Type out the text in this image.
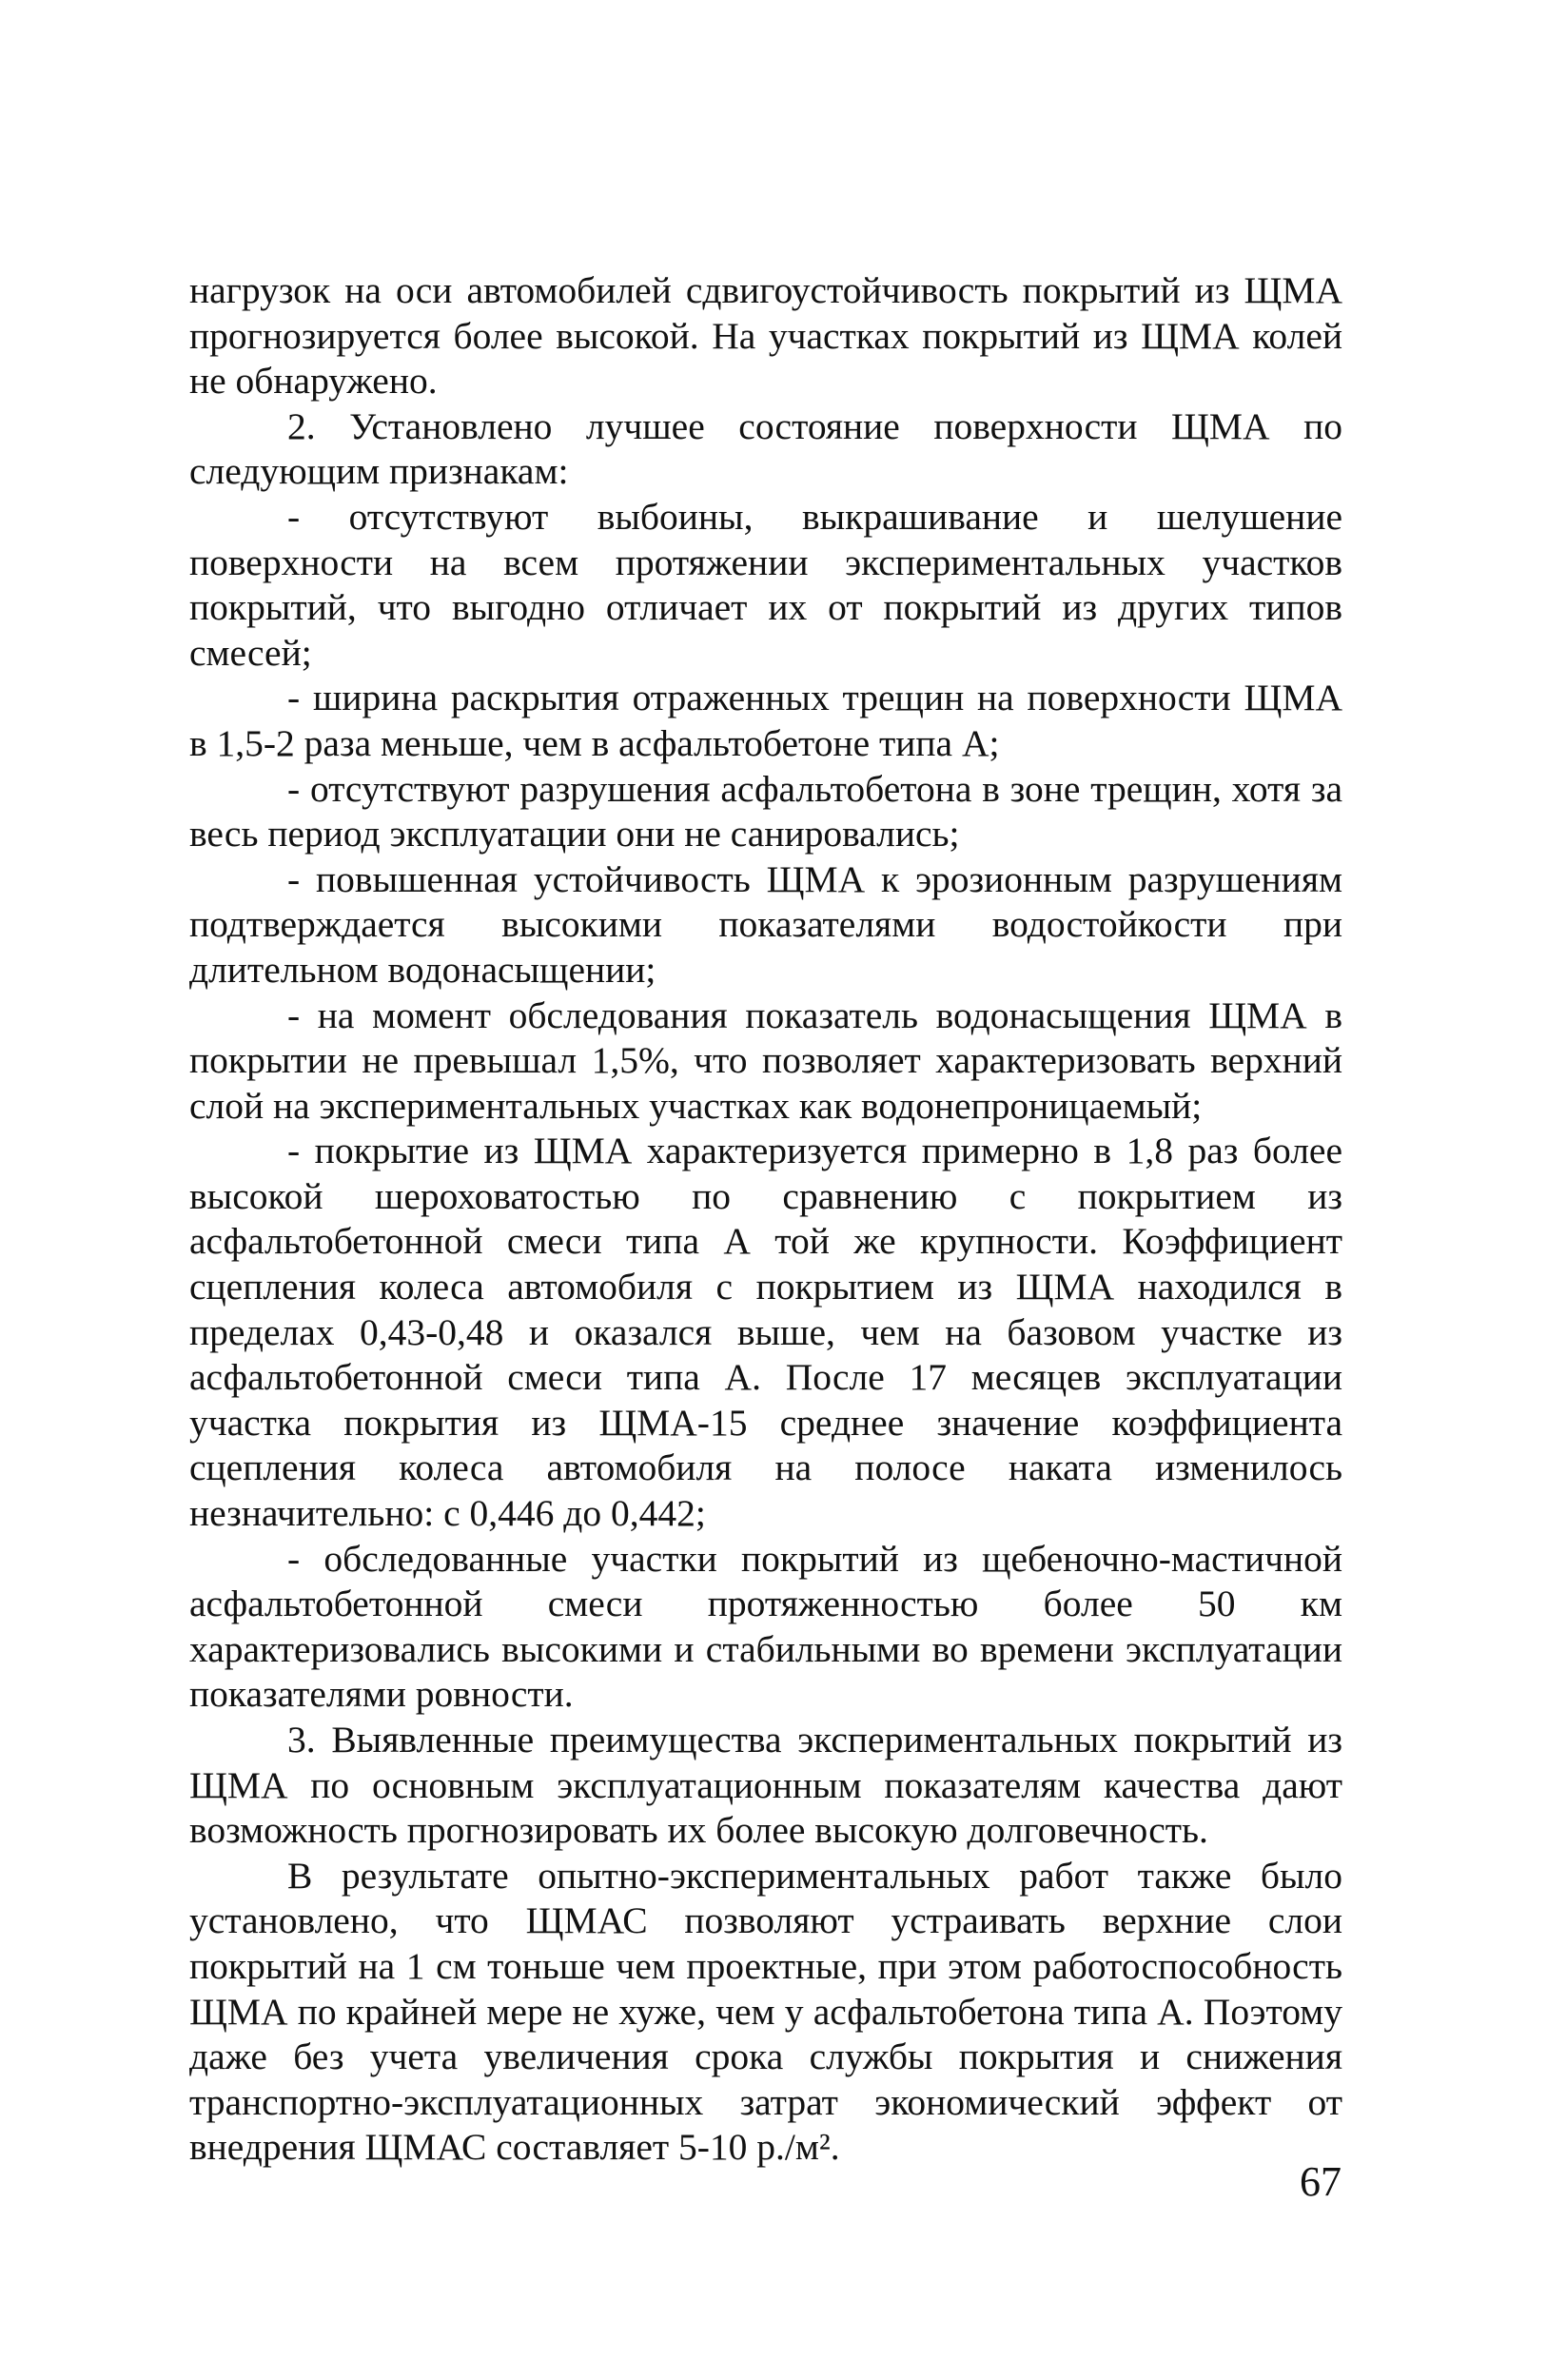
нагрузок на оси автомобилей сдвигоустойчивость покрытий из ЩМА прогнозируется более высокой. На участках покрытий из ЩМА колей не обнаружено.

2. Установлено лучшее состояние поверхности ЩМА по следующим признакам:

- отсутствуют выбоины, выкрашивание и шелушение поверхности на всем протяжении экспериментальных участков покрытий, что выгодно отличает их от покрытий из других типов смесей;

- ширина раскрытия отраженных трещин на поверхности ЩМА в 1,5-2 раза меньше, чем в асфальтобетоне типа А;

- отсутствуют разрушения асфальтобетона в зоне трещин, хотя за весь период эксплуатации они не санировались;

- повышенная устойчивость ЩМА к эрозионным разрушениям подтверждается высокими показателями водостойкости при длительном водонасыщении;

- на момент обследования показатель водонасыщения ЩМА в покрытии не превышал 1,5%, что позволяет характеризовать верхний слой на экспериментальных участках как водонепроницаемый;

- покрытие из ЩМА характеризуется примерно в 1,8 раз более высокой шероховатостью по сравнению с покрытием из асфальтобетонной смеси типа А той же крупности. Коэффициент сцепления колеса автомобиля с покрытием из ЩМА находился в пределах 0,43-0,48 и оказался выше, чем на базовом участке из асфальтобетонной смеси типа А. После 17 месяцев эксплуатации участка покрытия из ЩМА-15 среднее значение коэффициента сцепления колеса автомобиля на полосе наката изменилось незначительно: с 0,446 до 0,442;

- обследованные участки покрытий из щебеночно-мастичной асфальтобетонной смеси протяженностью более 50 км характеризовались высокими и стабильными во времени эксплуатации показателями ровности.

3. Выявленные преимущества экспериментальных покрытий из ЩМА по основным эксплуатационным показателям качества дают возможность прогнозировать их более высокую долговечность.

В результате опытно-экспериментальных работ также было установлено, что ЩМАС позволяют устраивать верхние слои покрытий на 1 см тоньше чем проектные, при этом работоспособность ЩМА по крайней мере не хуже, чем у асфальтобетона типа А. Поэтому даже без учета увеличения срока службы покрытия и снижения транспортно-эксплуатационных затрат экономический эффект от внедрения ЩМАС составляет 5-10 р./м².

67
